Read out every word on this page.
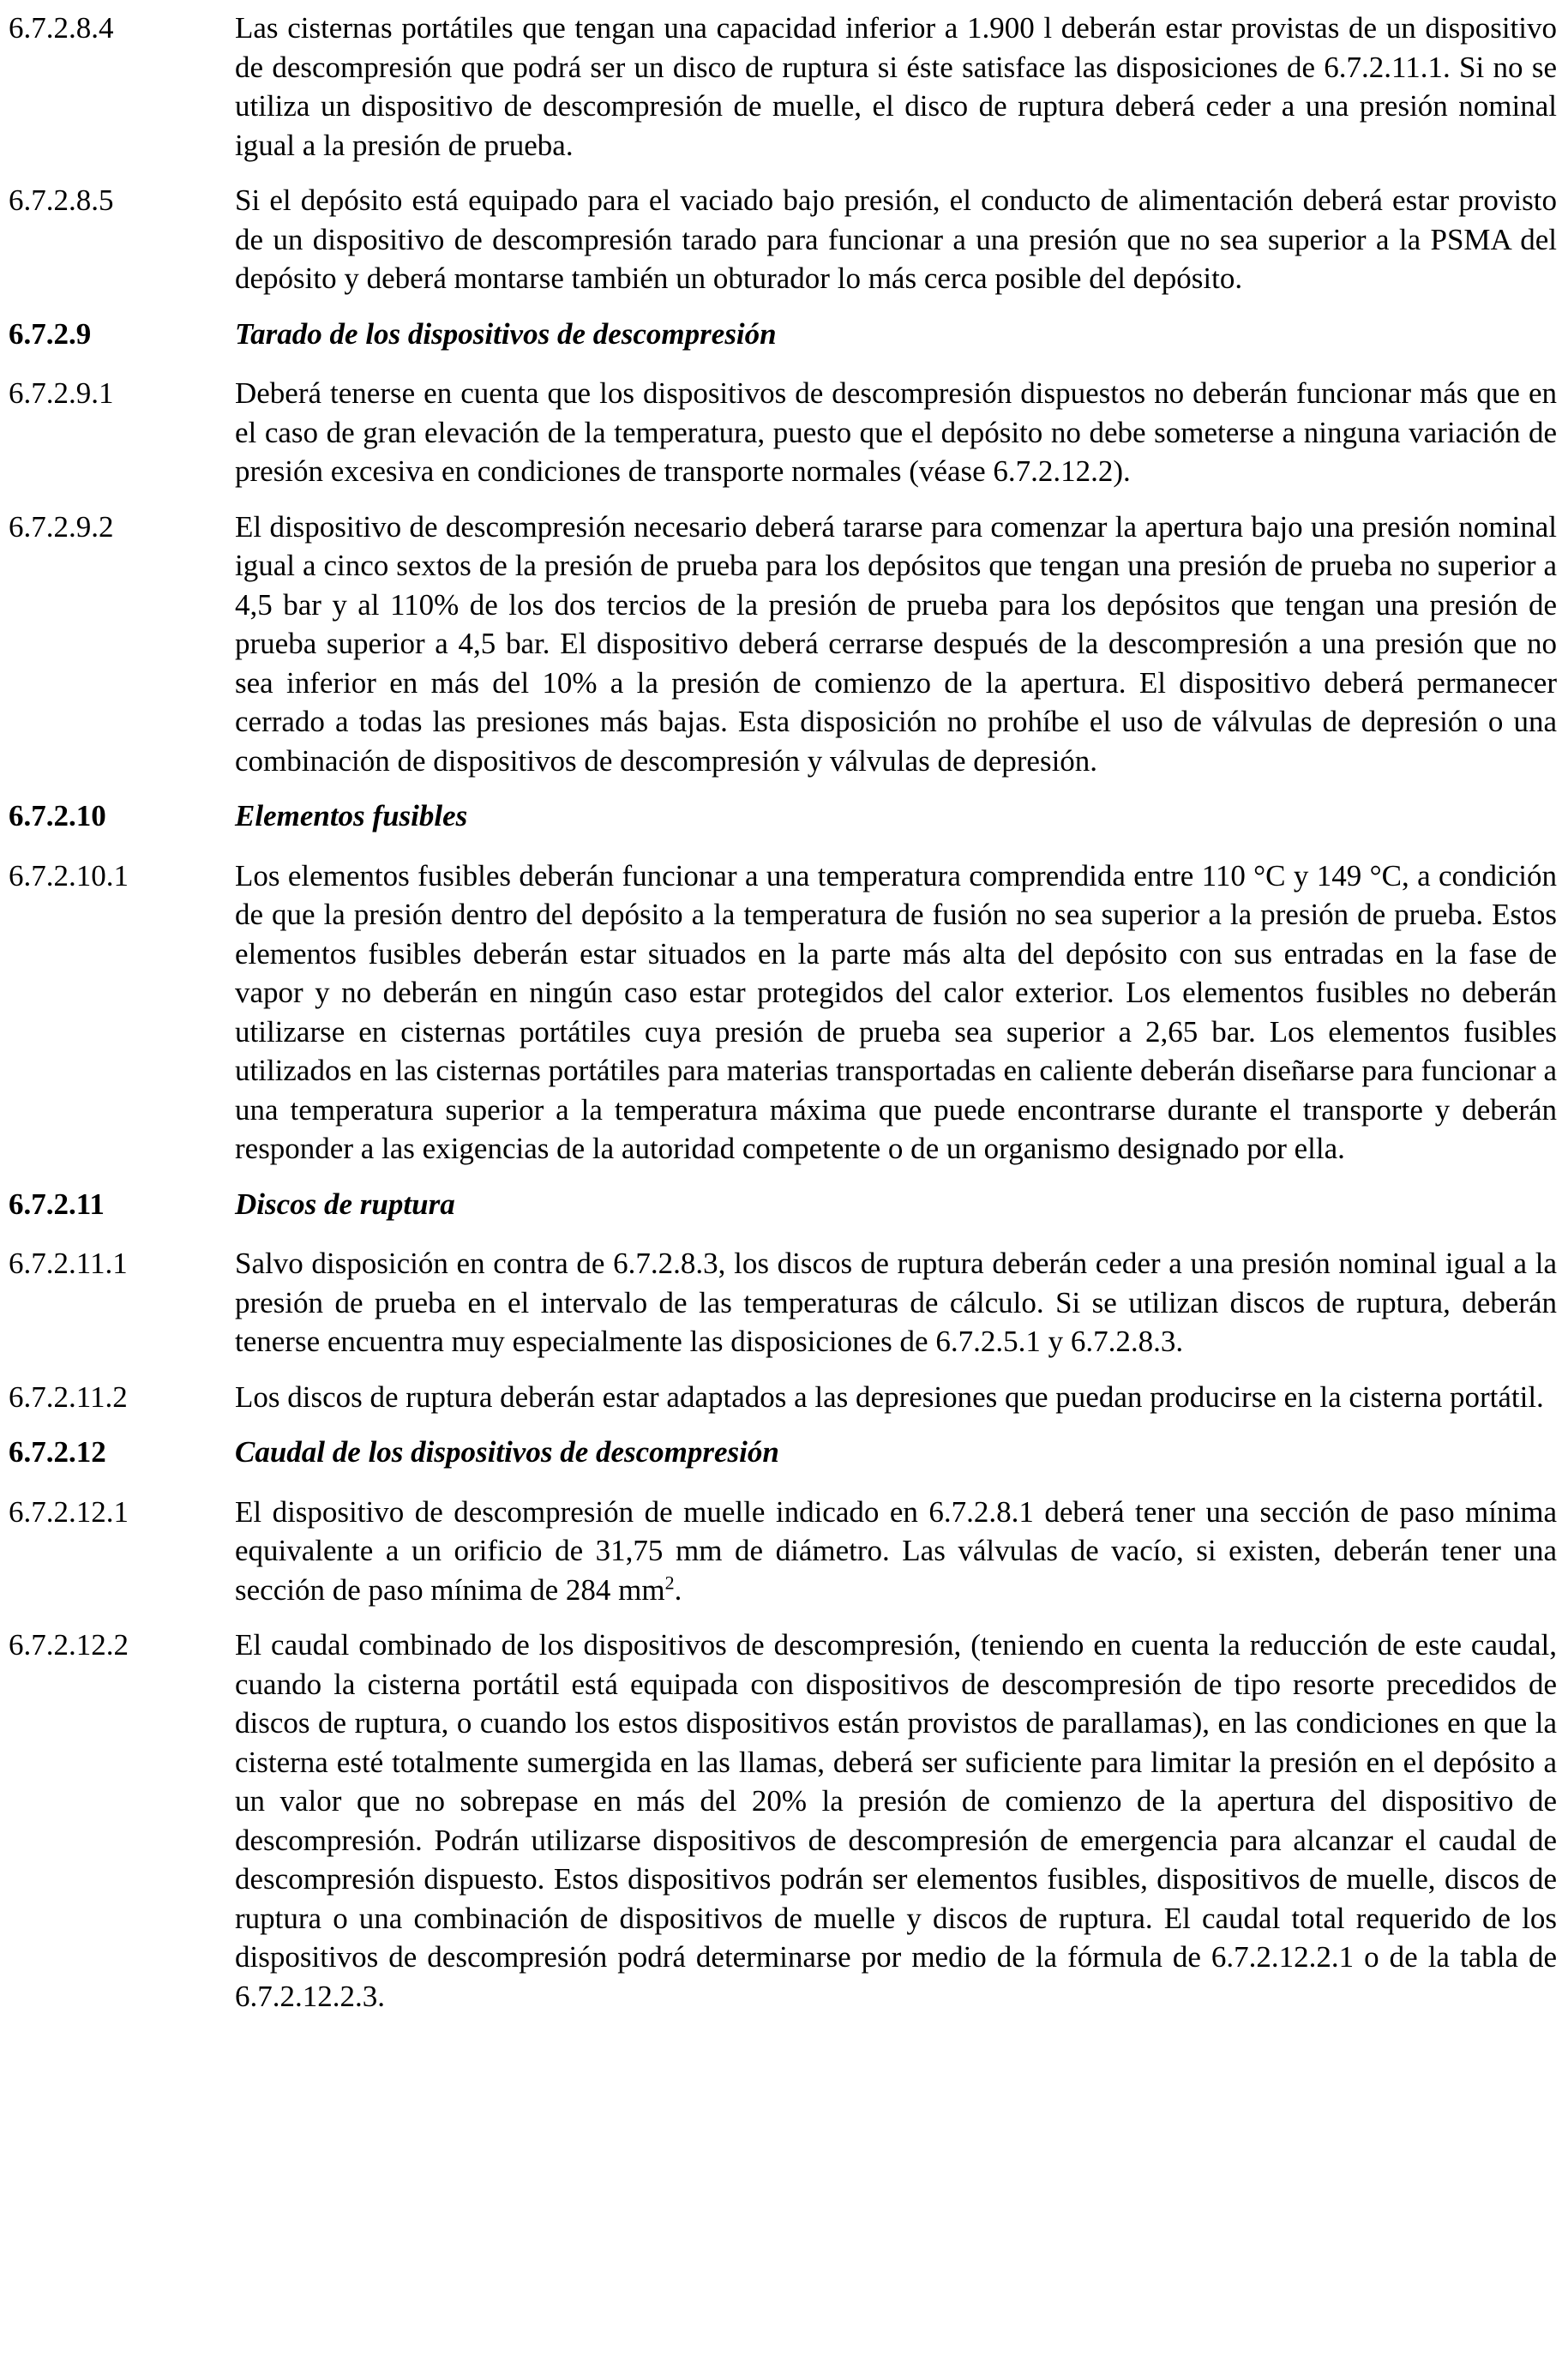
6.7.2.8.4	Las cisternas portátiles que tengan una capacidad inferior a 1.900 l deberán estar provistas de un dispositivo de descompresión que podrá ser un disco de ruptura si éste satisface las disposiciones de 6.7.2.11.1. Si no se utiliza un dispositivo de descompresión de muelle, el disco de ruptura deberá ceder a una presión nominal igual a la presión de prueba.
6.7.2.8.5	Si el depósito está equipado para el vaciado bajo presión, el conducto de alimentación deberá estar provisto de un dispositivo de descompresión tarado para funcionar a una presión que no sea superior a la PSMA del depósito y deberá montarse también un obturador lo más cerca posible del depósito.
6.7.2.9	Tarado de los dispositivos de descompresión
6.7.2.9.1	Deberá tenerse en cuenta que los dispositivos de descompresión dispuestos no deberán funcionar más que en el caso de gran elevación de la temperatura, puesto que el depósito no debe someterse a ninguna variación de presión excesiva en condiciones de transporte normales (véase 6.7.2.12.2).
6.7.2.9.2	El dispositivo de descompresión necesario deberá tararse para comenzar la apertura bajo una presión nominal igual a cinco sextos de la presión de prueba para los depósitos que tengan una presión de prueba no superior a 4,5 bar y al 110% de los dos tercios de la presión de prueba para los depósitos que tengan una presión de prueba superior a 4,5 bar. El dispositivo deberá cerrarse después de la descompresión a una presión que no sea inferior en más del 10% a la presión de comienzo de la apertura. El dispositivo deberá permanecer cerrado a todas las presiones más bajas. Esta disposición no prohíbe el uso de válvulas de depresión o una combinación de dispositivos de descompresión y válvulas de depresión.
6.7.2.10	Elementos fusibles
6.7.2.10.1	Los elementos fusibles deberán funcionar a una temperatura comprendida entre 110 °C y 149 °C, a condición de que la presión dentro del depósito a la temperatura de fusión no sea superior a la presión de prueba. Estos elementos fusibles deberán estar situados en la parte más alta del depósito con sus entradas en la fase de vapor y no deberán en ningún caso estar protegidos del calor exterior. Los elementos fusibles no deberán utilizarse en cisternas portátiles cuya presión de prueba sea superior a 2,65 bar. Los elementos fusibles utilizados en las cisternas portátiles para materias transportadas en caliente deberán diseñarse para funcionar a una temperatura superior a la temperatura máxima que puede encontrarse durante el transporte y deberán responder a las exigencias de la autoridad competente o de un organismo designado por ella.
6.7.2.11	Discos de ruptura
6.7.2.11.1	Salvo disposición en contra de 6.7.2.8.3, los discos de ruptura deberán ceder a una presión nominal igual a la presión de prueba en el intervalo de las temperaturas de cálculo. Si se utilizan discos de ruptura, deberán tenerse encuentra muy especialmente las disposiciones de 6.7.2.5.1 y 6.7.2.8.3.
6.7.2.11.2	Los discos de ruptura deberán estar adaptados a las depresiones que puedan producirse en la cisterna portátil.
6.7.2.12	Caudal de los dispositivos de descompresión
6.7.2.12.1	El dispositivo de descompresión de muelle indicado en 6.7.2.8.1 deberá tener una sección de paso mínima equivalente a un orificio de 31,75 mm de diámetro. Las válvulas de vacío, si existen, deberán tener una sección de paso mínima de 284 $mm^2$.
6.7.2.12.2	El caudal combinado de los dispositivos de descompresión, (teniendo en cuenta la reducción de este caudal, cuando la cisterna portátil está equipada con dispositivos de descompresión de tipo resorte precedidos de discos de ruptura, o cuando los estos dispositivos están provistos de parallamas), en las condiciones en que la cisterna esté totalmente sumergida en las llamas, deberá ser suficiente para limitar la presión en el depósito a un valor que no sobrepase en más del 20% la presión de comienzo de la apertura del dispositivo de descompresión. Podrán utilizarse dispositivos de descompresión de emergencia para alcanzar el caudal de descompresión dispuesto. Estos dispositivos podrán ser elementos fusibles, dispositivos de muelle, discos de ruptura o una combinación de dispositivos de muelle y discos de ruptura. El caudal total requerido de los dispositivos de descompresión podrá determinarse por medio de la fórmula de 6.7.2.12.2.1 o de la tabla de 6.7.2.12.2.3.
